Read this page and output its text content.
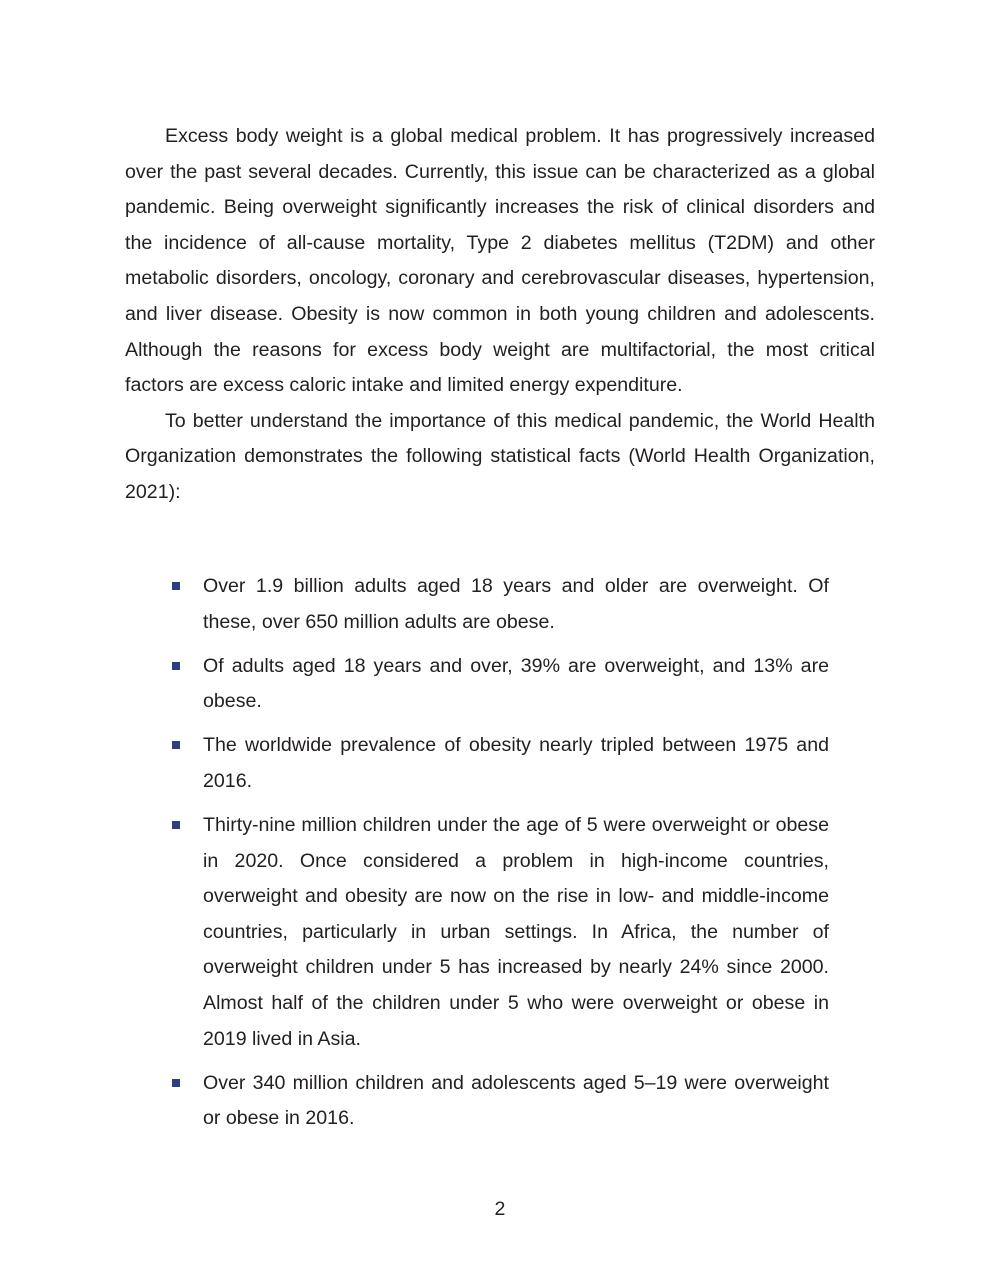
Excess body weight is a global medical problem. It has progressively increased over the past several decades. Currently, this issue can be characterized as a global pandemic. Being overweight significantly increases the risk of clinical disorders and the incidence of all-cause mortality, Type 2 diabetes mellitus (T2DM) and other metabolic disorders, oncology, coronary and cerebrovascular diseases, hypertension, and liver disease. Obesity is now common in both young children and adolescents. Although the reasons for excess body weight are multifactorial, the most critical factors are excess caloric intake and limited energy expenditure.

To better understand the importance of this medical pandemic, the World Health Organization demonstrates the following statistical facts (World Health Organization, 2021):

Over 1.9 billion adults aged 18 years and older are overweight. Of these, over 650 million adults are obese.
Of adults aged 18 years and over, 39% are overweight, and 13% are obese.
The worldwide prevalence of obesity nearly tripled between 1975 and 2016.
Thirty-nine million children under the age of 5 were overweight or obese in 2020. Once considered a problem in high-income countries, overweight and obesity are now on the rise in low- and middle-income countries, particularly in urban settings. In Africa, the number of overweight children under 5 has increased by nearly 24% since 2000. Almost half of the children under 5 who were overweight or obese in 2019 lived in Asia.
Over 340 million children and adolescents aged 5–19 were overweight or obese in 2016.
2
